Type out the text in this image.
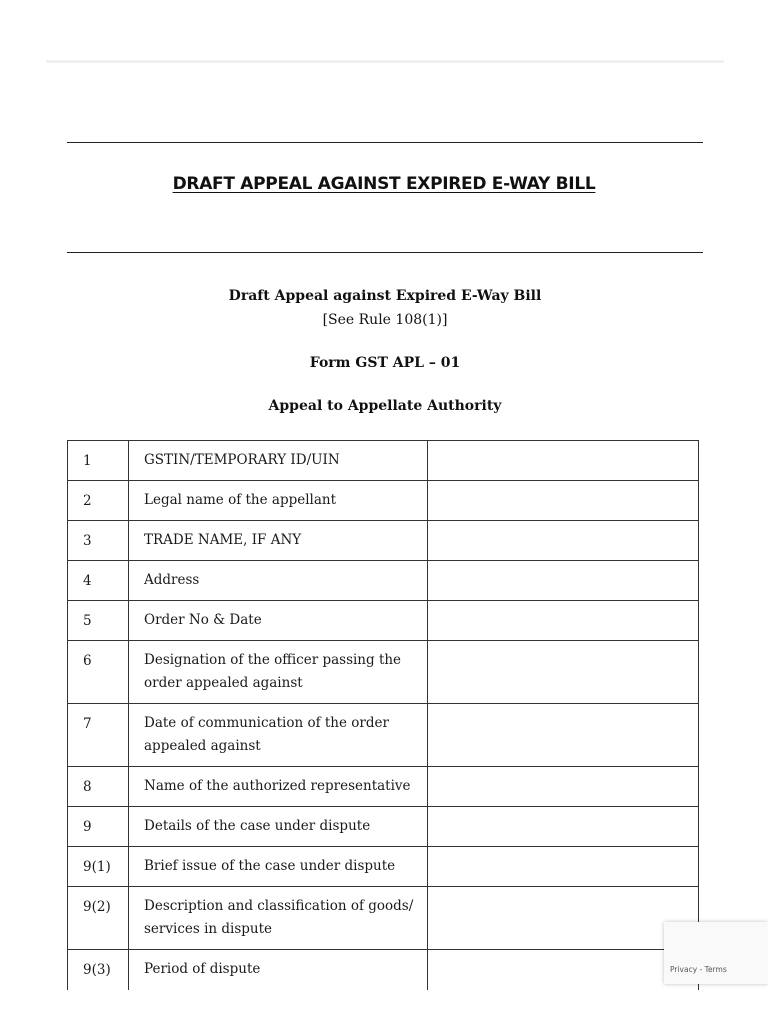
DRAFT APPEAL AGAINST EXPIRED E-WAY BILL
Draft Appeal against Expired E-Way Bill
[See Rule 108(1)]
Form GST APL – 01
Appeal to Appellate Authority
1	GSTIN/TEMPORARY ID/UIN	

2	Legal name of the appellant	

3	TRADE NAME, IF ANY	

4	Address	

5	Order No & Date	

6	Designation of the officer passing the order appealed against	

7	Date of communication of the order appealed against	

8	Name of the authorized representative	

9	Details of the case under dispute	

9(1)	Brief issue of the case under dispute	

9(2)	Description and classification of goods/ services in dispute	

9(3)	Period of dispute	
		Privacy - Terms
